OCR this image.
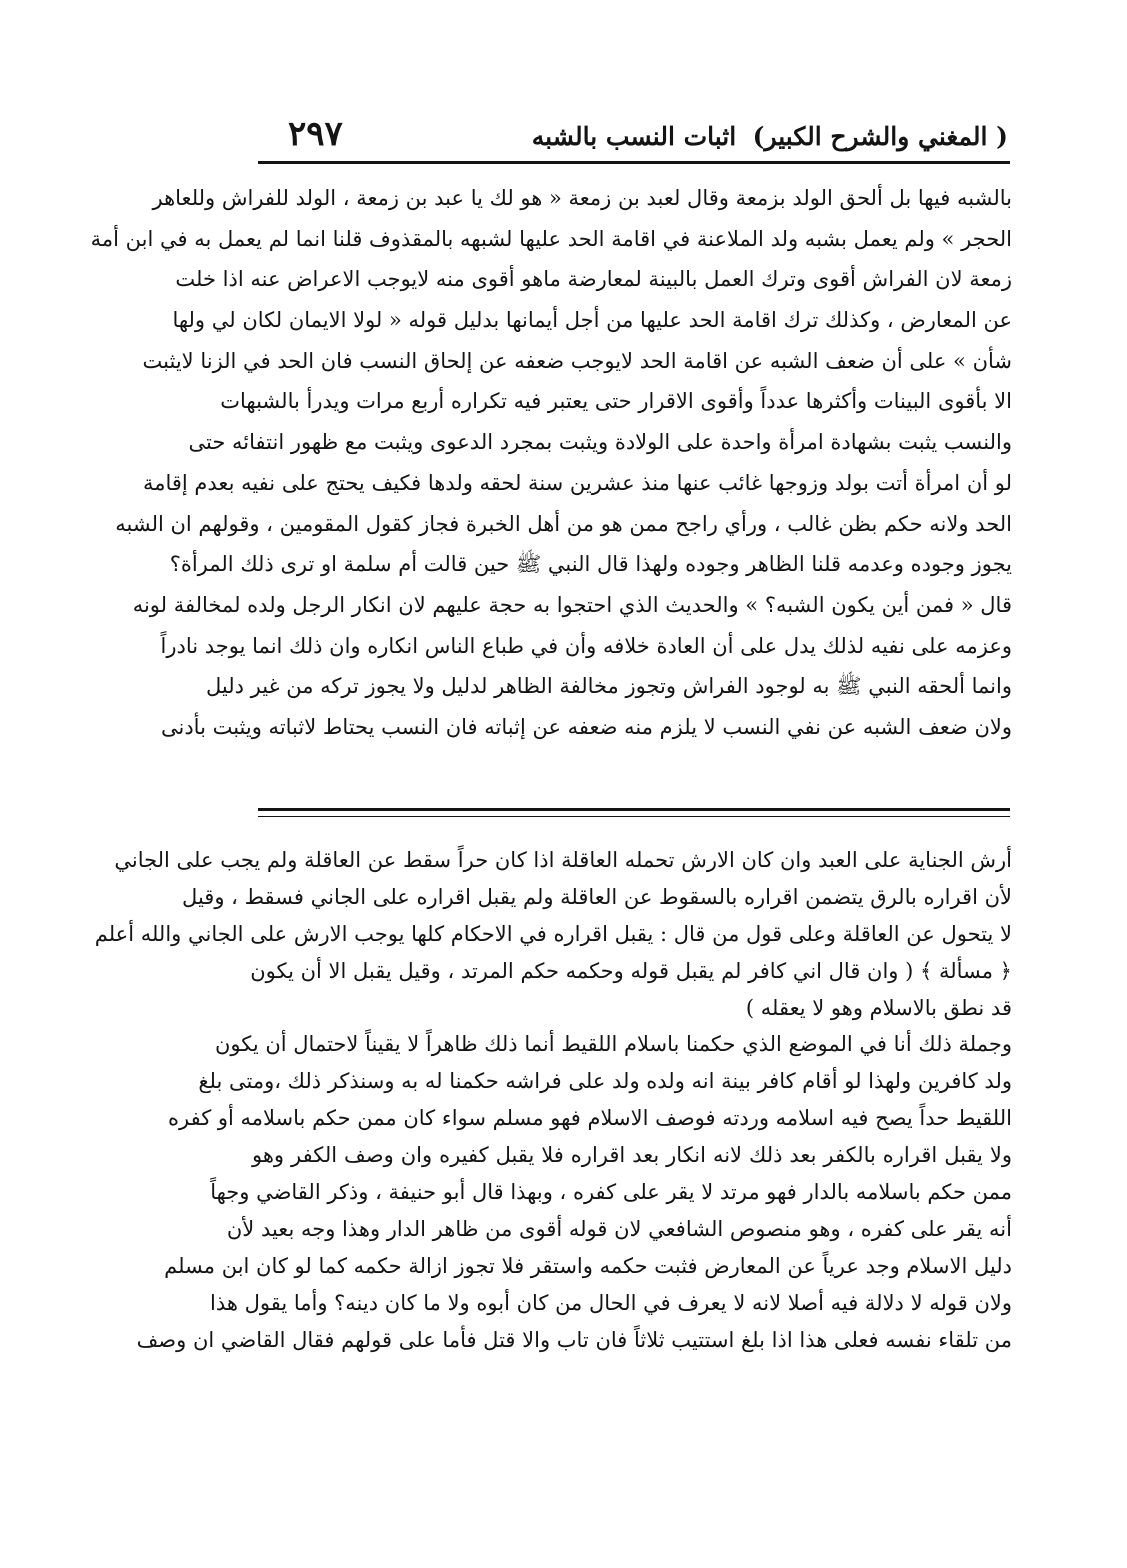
( المغني والشرح الكبير)
اثبات النسب بالشبه
٢٩٧
بالشبه فيها بل ألحق الولد بزمعة وقال لعبد بن زمعة « هو لك يا عبد بن زمعة ، الولد للفراش وللعاهر
الحجر » ولم يعمل بشبه ولد الملاعنة في اقامة الحد عليها لشبهه بالمقذوف قلنا انما لم يعمل به في ابن أمة
زمعة لان الفراش أقوى وترك العمل بالبينة لمعارضة ماهو أقوى منه لايوجب الاعراض عنه اذا خلت
عن المعارض ، وكذلك ترك اقامة الحد عليها من أجل أيمانها بدليل قوله « لولا الايمان لكان لي ولها
شأن » على أن ضعف الشبه عن اقامة الحد لايوجب ضعفه عن إلحاق النسب فان الحد في الزنا لايثبت
الا بأقوى البينات وأكثرها عدداً وأقوى الاقرار حتى يعتبر فيه تكراره أربع مرات ويدرأ بالشبهات
والنسب يثبت بشهادة امرأة واحدة على الولادة ويثبت بمجرد الدعوى ويثبت مع ظهور انتفائه حتى
لو أن امرأة أتت بولد وزوجها غائب عنها منذ عشرين سنة لحقه ولدها فكيف يحتج على نفيه بعدم إقامة
الحد ولانه حكم بظن غالب ، ورأي راجح ممن هو من أهل الخبرة فجاز كقول المقومين ، وقولهم ان الشبه
يجوز وجوده وعدمه قلنا الظاهر وجوده ولهذا قال النبي ﷺ حين قالت أم سلمة او ترى ذلك المرأة؟
قال « فمن أين يكون الشبه؟ » والحديث الذي احتجوا به حجة عليهم لان انكار الرجل ولده لمخالفة لونه
وعزمه على نفيه لذلك يدل على أن العادة خلافه وأن في طباع الناس انكاره وان ذلك انما يوجد نادراً
وانما ألحقه النبي ﷺ به لوجود الفراش وتجوز مخالفة الظاهر لدليل ولا يجوز تركه من غير دليل
ولان ضعف الشبه عن نفي النسب لا يلزم منه ضعفه عن إثباته فان النسب يحتاط لاثباته ويثبت بأدنى
أرش الجناية على العبد وان كان الارش تحمله العاقلة اذا كان حراً سقط عن العاقلة ولم يجب على الجاني
لأن اقراره بالرق يتضمن اقراره بالسقوط عن العاقلة ولم يقبل اقراره على الجاني فسقط ، وقيل
لا يتحول عن العاقلة وعلى قول من قال : يقبل اقراره في الاحكام كلها يوجب الارش على الجاني والله أعلم
﴿ مسألة ﴾ ( وان قال اني كافر لم يقبل قوله وحكمه حكم المرتد ، وقيل يقبل الا أن يكون
قد نطق بالاسلام وهو لا يعقله )
وجملة ذلك أنا في الموضع الذي حكمنا باسلام اللقيط أنما ذلك ظاهراً لا يقيناً لاحتمال أن يكون
ولد كافرين ولهذا لو أقام كافر بينة انه ولده ولد على فراشه حكمنا له به وسنذكر ذلك ،ومتى بلغ
اللقيط حداً يصح فيه اسلامه وردته فوصف الاسلام فهو مسلم سواء كان ممن حكم باسلامه أو كفره
ولا يقبل اقراره بالكفر بعد ذلك لانه انكار بعد اقراره فلا يقبل كفيره وان وصف الكفر وهو
ممن حكم باسلامه بالدار فهو مرتد لا يقر على كفره ، وبهذا قال أبو حنيفة ، وذكر القاضي وجهاً
أنه يقر على كفره ، وهو منصوص الشافعي لان قوله أقوى من ظاهر الدار وهذا وجه بعيد لأن
دليل الاسلام وجد عرياً عن المعارض فثبت حكمه واستقر فلا تجوز ازالة حكمه كما لو كان ابن مسلم
ولان قوله لا دلالة فيه أصلا لانه لا يعرف في الحال من كان أبوه ولا ما كان دينه؟ وأما يقول هذا
من تلقاء نفسه فعلى هذا اذا بلغ استتيب ثلاثاً فان تاب والا قتل فأما على قولهم فقال القاضي ان وصف
